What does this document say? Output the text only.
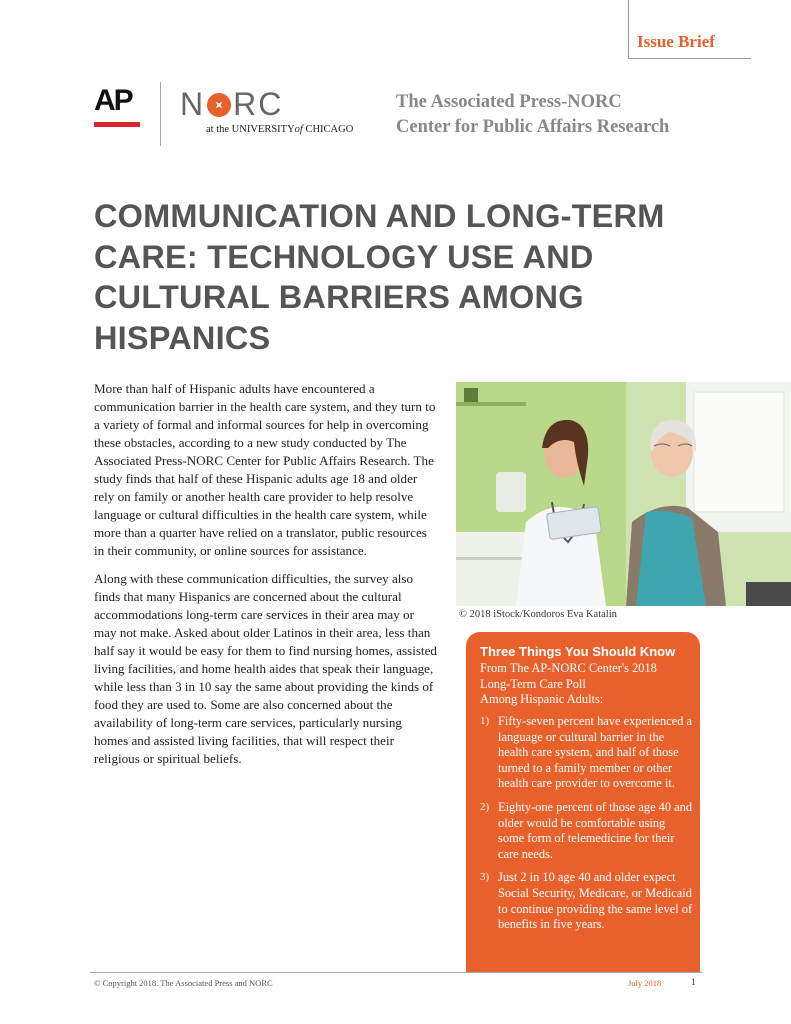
Issue Brief
AP N RC
at the UNIVERSITYof CHICAGO
The Associated Press-NORC
Center for Public Affairs Research
COMMUNICATION AND LONG-TERM CARE: TECHNOLOGY USE AND CULTURAL BARRIERS AMONG HISPANICS

More than half of Hispanic adults have encountered a communication barrier in the health care system, and they turn to a variety of formal and informal sources for help in overcoming these obstacles, according to a new study conducted by The Associated Press-NORC Center for Public Affairs Research. The study finds that half of these Hispanic adults age 18 and older rely on family or another health care provider to help resolve language or cultural difficulties in the health care system, while more than a quarter have relied on a translator, public resources in their community, or online sources for assistance.

Along with these communication difficulties, the survey also finds that many Hispanics are concerned about the cultural accommodations long-term care services in their area may or may not make. Asked about older Latinos in their area, less than half say it would be easy for them to find nursing homes, assisted living facilities, and home health aides that speak their language, while less than 3 in 10 say the same about providing the kinds of food they are used to. Some are also concerned about the availability of long-term care services, particularly nursing homes and assisted living facilities, that will respect their religious or spiritual beliefs.

© 2018 iStock/Kondoros Eva Katalin
Three Things You Should Know
From The AP-NORC Center's 2018
Long-Term Care Poll
Among Hispanic Adults:
1) Fifty-seven percent have experienced a language or cultural barrier in the health care system, and half of those turned to a family member or other health care provider to overcome it.
2) Eighty-one percent of those age 40 and older would be comfortable using some form of telemedicine for their care needs.
3) Just 2 in 10 age 40 and older expect Social Security, Medicare, or Medicaid to continue providing the same level of benefits in five years.
© Copyright 2018. The Associated Press and NORC	July 2018	1
